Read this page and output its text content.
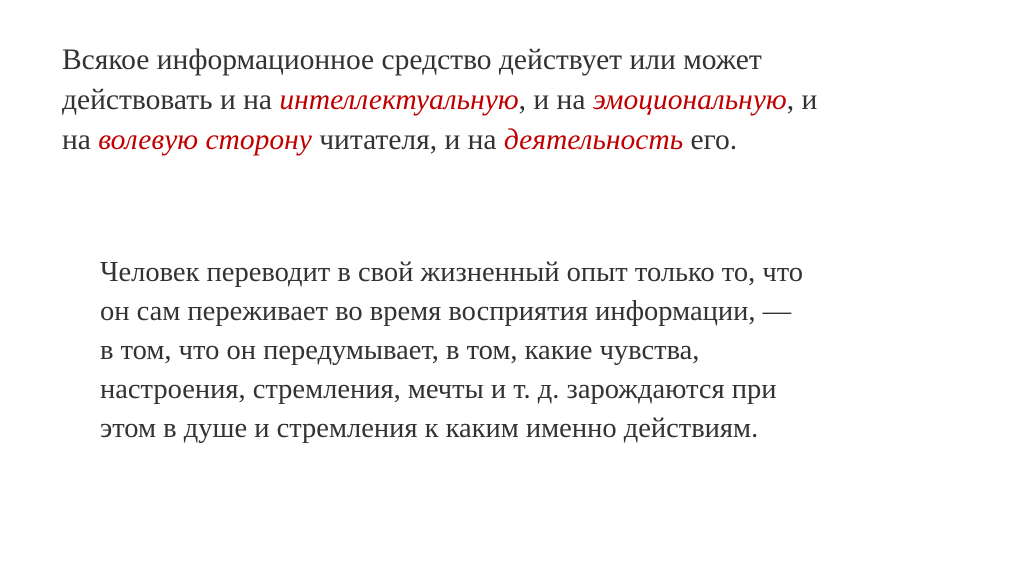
Всякое информационное средство действует или может
действовать и на интеллектуальную, и на эмоциональную, и
на волевую сторону читателя, и на деятельность его.

Человек переводит в свой жизненный опыт только то, что
он сам переживает во время восприятия информации, —
в том, что он передумывает, в том, какие чувства,
настроения, стремления, мечты и т. д. зарождаются при
этом в душе и стремления к каким именно действиям.
